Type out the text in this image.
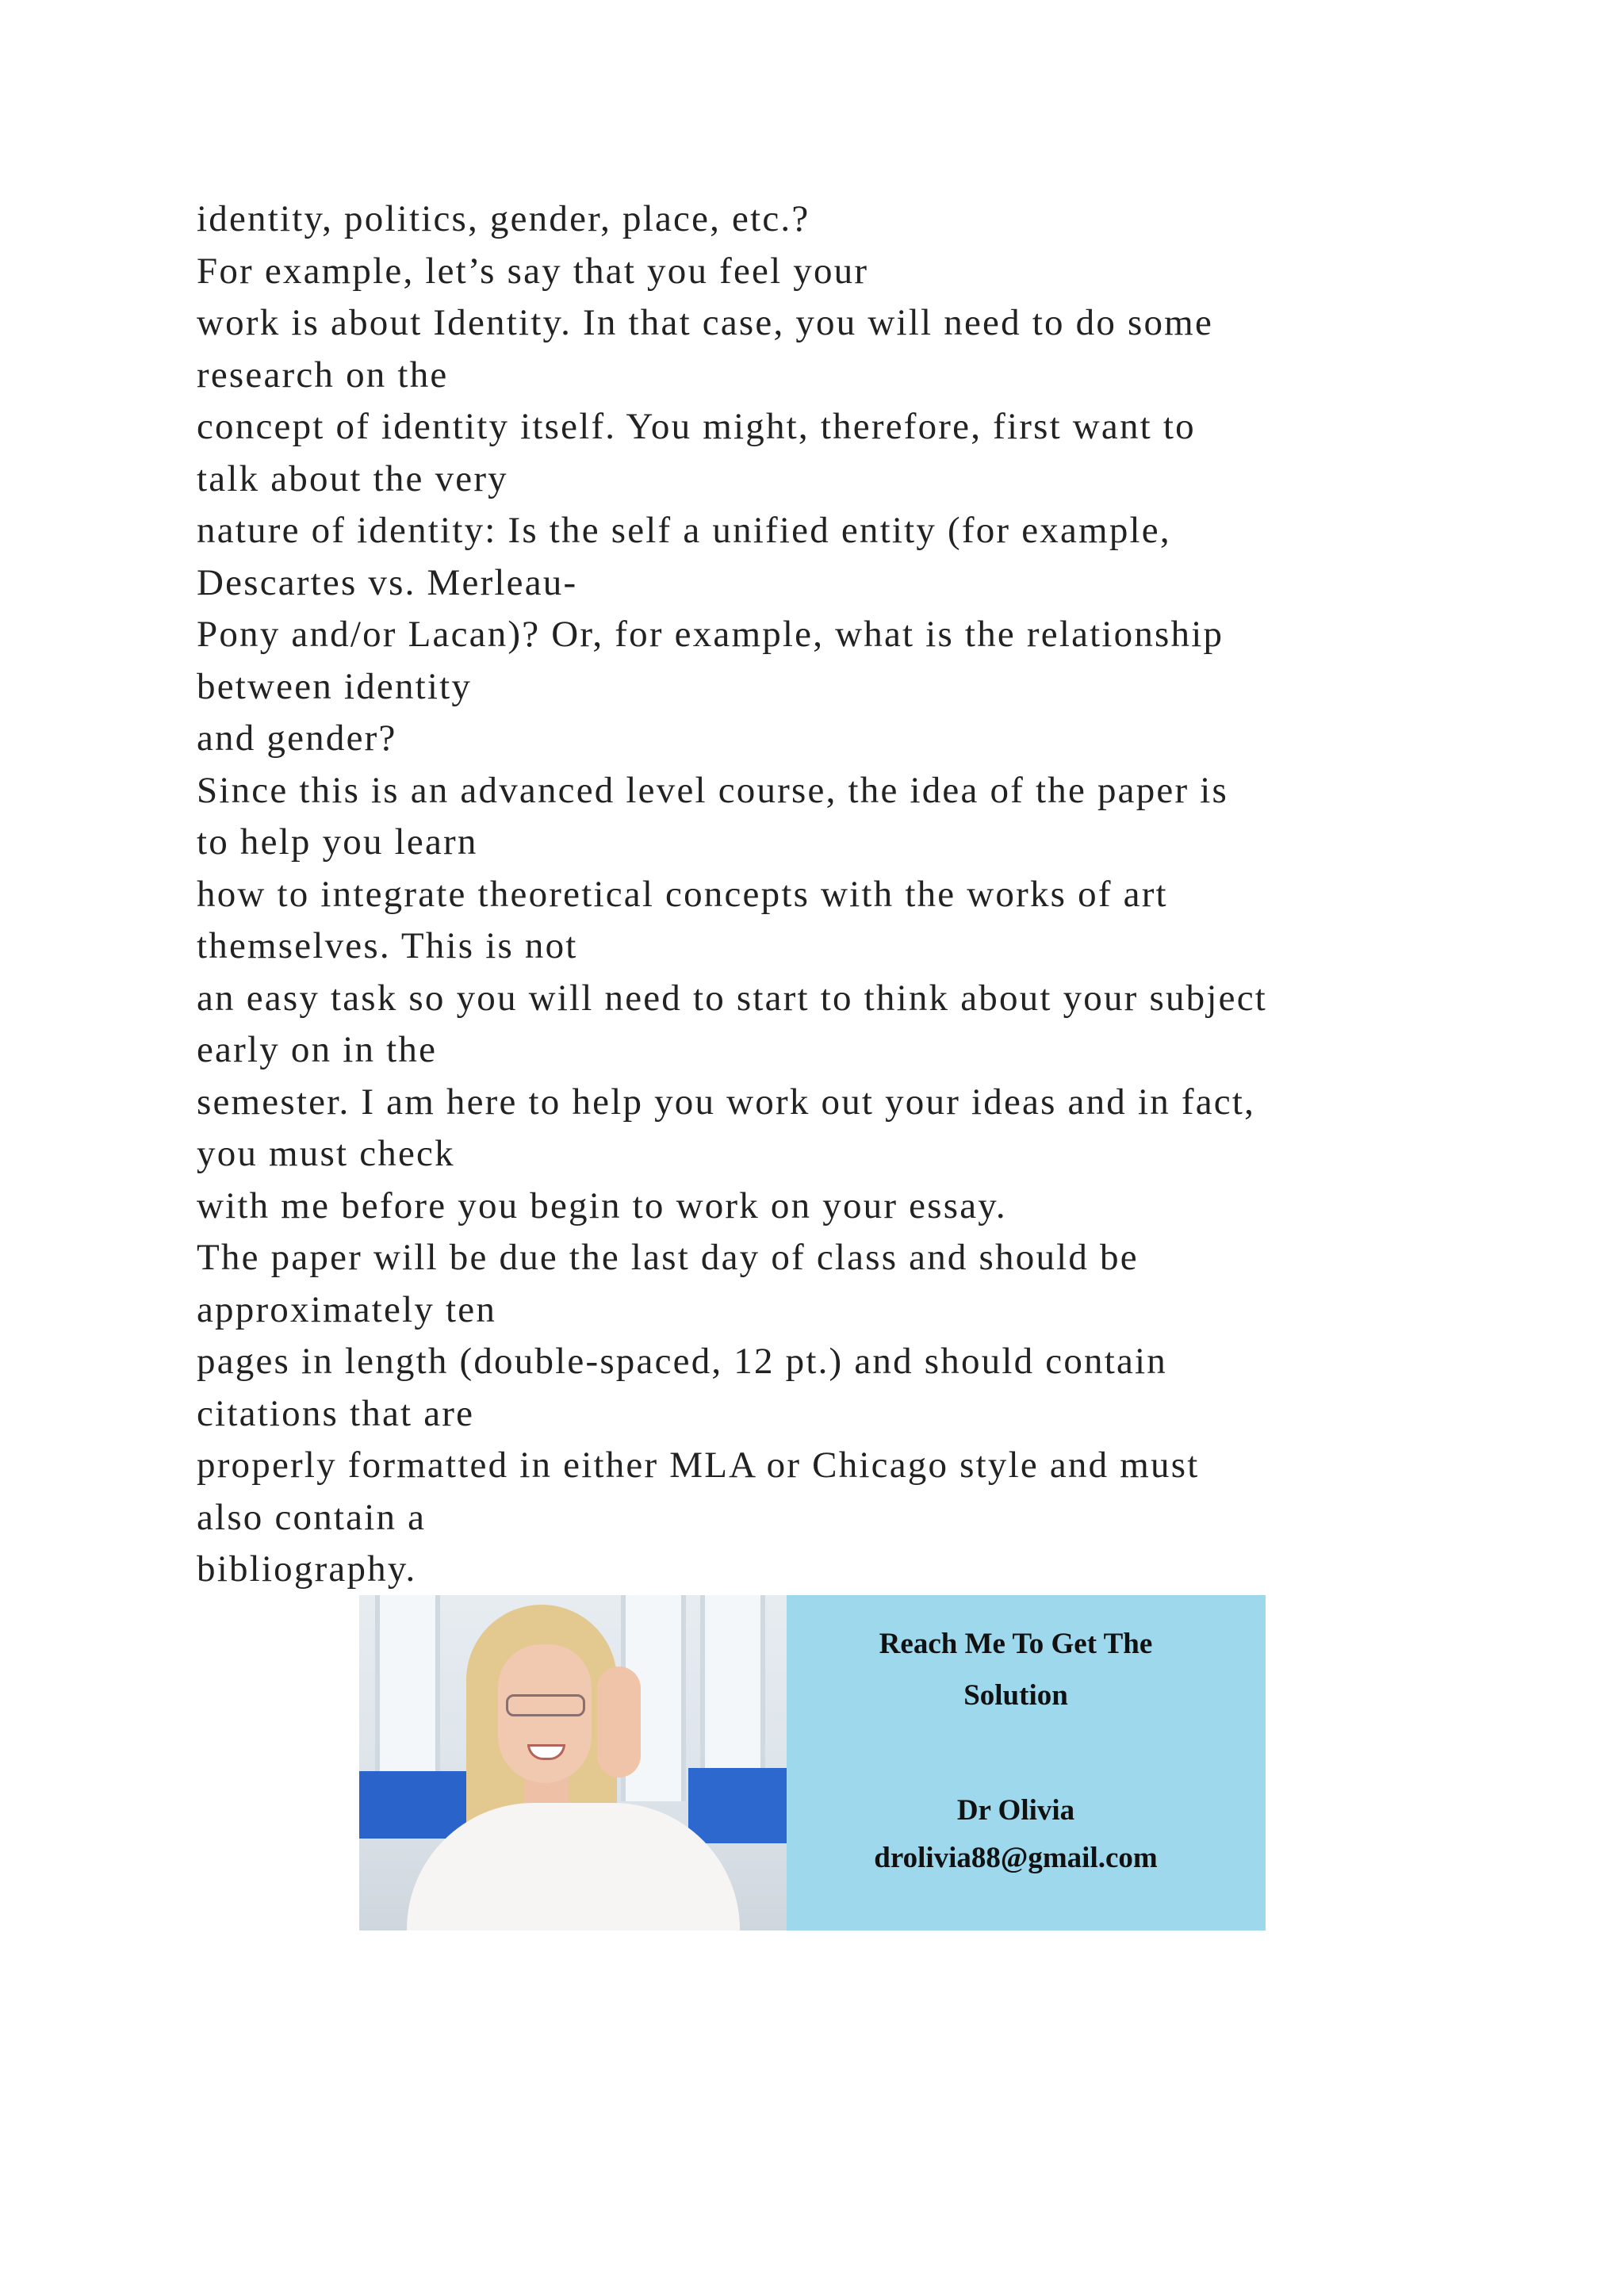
identity, politics, gender, place, etc.?
For example, let’s say that you feel your
work is about Identity. In that case, you will need to do some
research on the
concept of identity itself. You might, therefore, first want to
talk about the very
nature of identity: Is the self a unified entity (for example,
Descartes vs. Merleau-
Pony and/or Lacan)? Or, for example, what is the relationship
between identity
and gender?
Since this is an advanced level course, the idea of the paper is
to help you learn
how to integrate theoretical concepts with the works of art
themselves. This is not
an easy task so you will need to start to think about your subject
early on in the
semester. I am here to help you work out your ideas and in fact,
you must check
with me before you begin to work on your essay.
The paper will be due the last day of class and should be
approximately ten
pages in length (double-spaced, 12 pt.) and should contain
citations that are
properly formatted in either MLA or Chicago style and must
also contain a
bibliography.
Reach Me To Get The
Solution
Dr Olivia
drolivia88@gmail.com
